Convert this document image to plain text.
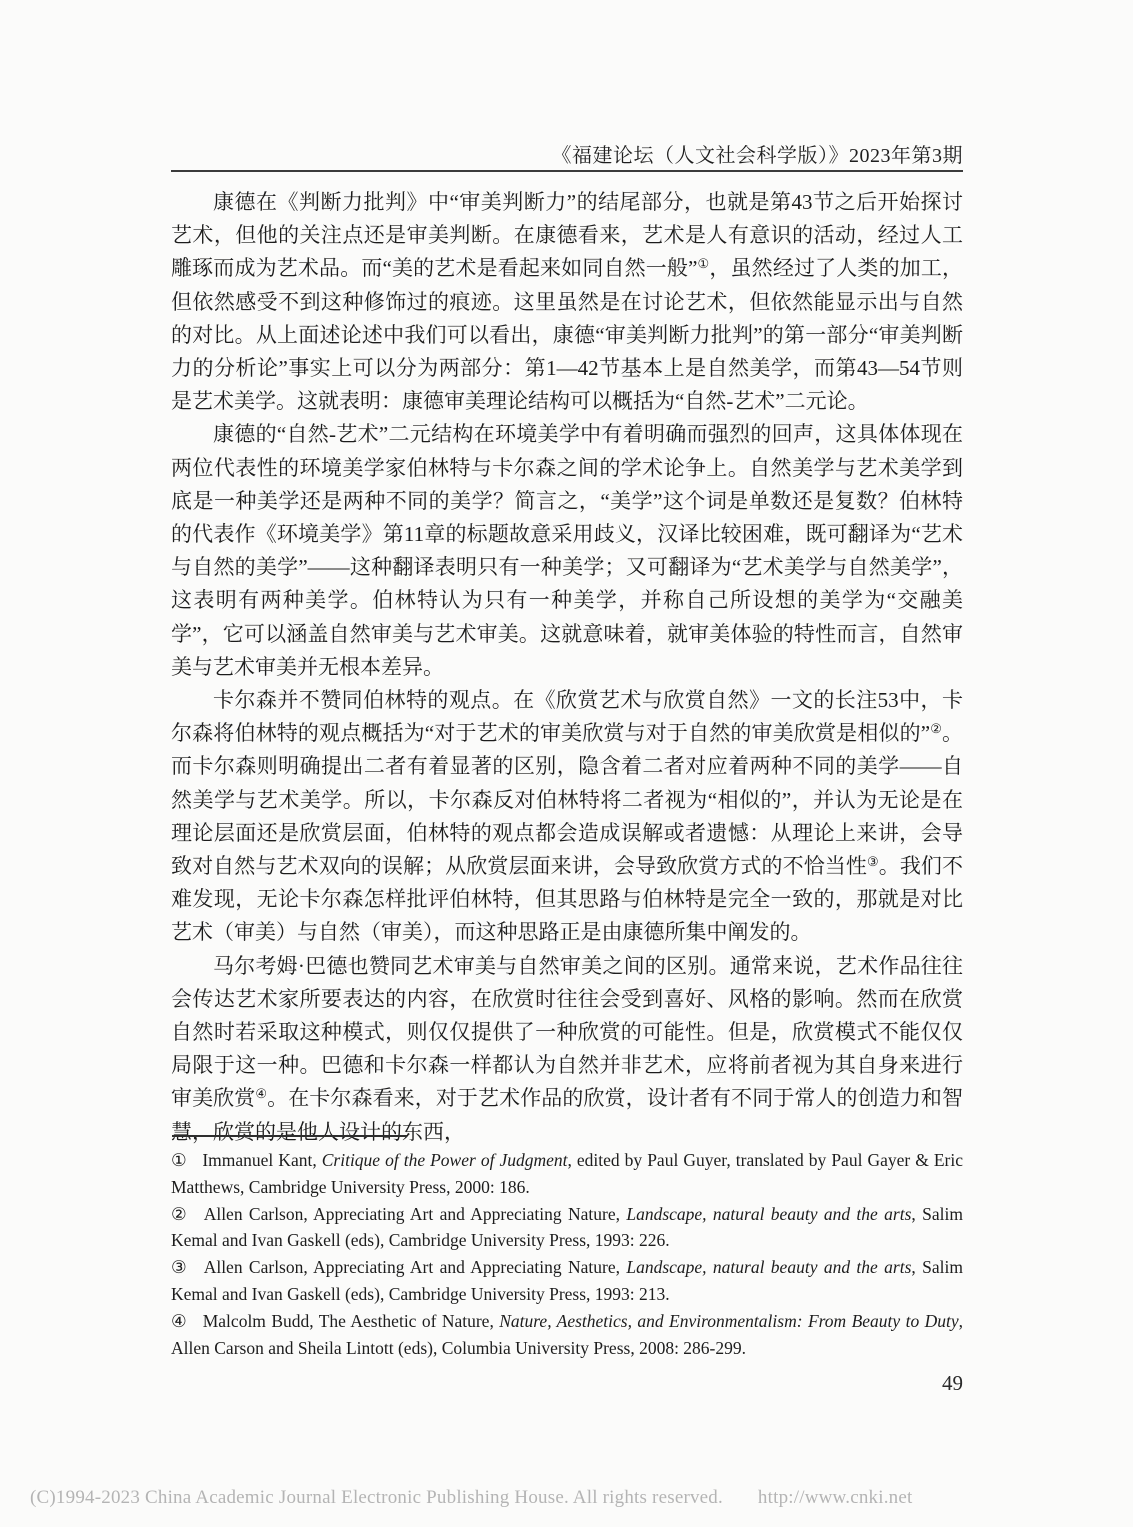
《福建论坛（人文社会科学版）》2023年第3期

康德在《判断力批判》中“审美判断力”的结尾部分，也就是第43节之后开始探讨艺术，但他的关注点还是审美判断。在康德看来，艺术是人有意识的活动，经过人工雕琢而成为艺术品。而“美的艺术是看起来如同自然一般”①，虽然经过了人类的加工，但依然感受不到这种修饰过的痕迹。这里虽然是在讨论艺术，但依然能显示出与自然的对比。从上面述论述中我们可以看出，康德“审美判断力批判”的第一部分“审美判断力的分析论”事实上可以分为两部分：第1—42节基本上是自然美学，而第43—54节则是艺术美学。这就表明：康德审美理论结构可以概括为“自然-艺术”二元论。

康德的“自然-艺术”二元结构在环境美学中有着明确而强烈的回声，这具体体现在两位代表性的环境美学家伯林特与卡尔森之间的学术论争上。自然美学与艺术美学到底是一种美学还是两种不同的美学？简言之，“美学”这个词是单数还是复数？伯林特的代表作《环境美学》第11章的标题故意采用歧义，汉译比较困难，既可翻译为“艺术与自然的美学”——这种翻译表明只有一种美学；又可翻译为“艺术美学与自然美学”，这表明有两种美学。伯林特认为只有一种美学，并称自己所设想的美学为“交融美学”，它可以涵盖自然审美与艺术审美。这就意味着，就审美体验的特性而言，自然审美与艺术审美并无根本差异。

卡尔森并不赞同伯林特的观点。在《欣赏艺术与欣赏自然》一文的长注53中，卡尔森将伯林特的观点概括为“对于艺术的审美欣赏与对于自然的审美欣赏是相似的”②。而卡尔森则明确提出二者有着显著的区别，隐含着二者对应着两种不同的美学——自然美学与艺术美学。所以，卡尔森反对伯林特将二者视为“相似的”，并认为无论是在理论层面还是欣赏层面，伯林特的观点都会造成误解或者遗憾：从理论上来讲，会导致对自然与艺术双向的误解；从欣赏层面来讲，会导致欣赏方式的不恰当性③。我们不难发现，无论卡尔森怎样批评伯林特，但其思路与伯林特是完全一致的，那就是对比艺术（审美）与自然（审美），而这种思路正是由康德所集中阐发的。

马尔考姆·巴德也赞同艺术审美与自然审美之间的区别。通常来说，艺术作品往往会传达艺术家所要表达的内容，在欣赏时往往会受到喜好、风格的影响。然而在欣赏自然时若采取这种模式，则仅仅提供了一种欣赏的可能性。但是，欣赏模式不能仅仅局限于这一种。巴德和卡尔森一样都认为自然并非艺术，应将前者视为其自身来进行审美欣赏④。在卡尔森看来，对于艺术作品的欣赏，设计者有不同于常人的创造力和智慧，欣赏的是他人设计的东西，

① Immanuel Kant, Critique of the Power of Judgment, edited by Paul Guyer, translated by Paul Gayer & Eric Matthews, Cambridge University Press, 2000: 186.

② Allen Carlson, Appreciating Art and Appreciating Nature, Landscape, natural beauty and the arts, Salim Kemal and Ivan Gaskell (eds), Cambridge University Press, 1993: 226.

③ Allen Carlson, Appreciating Art and Appreciating Nature, Landscape, natural beauty and the arts, Salim Kemal and Ivan Gaskell (eds), Cambridge University Press, 1993: 213.

④ Malcolm Budd, The Aesthetic of Nature, Nature, Aesthetics, and Environmentalism: From Beauty to Duty, Allen Carson and Sheila Lintott (eds), Columbia University Press, 2008: 286-299.

49
(C)1994-2023 China Academic Journal Electronic Publishing House. All rights reserved. http://www.cnki.net
